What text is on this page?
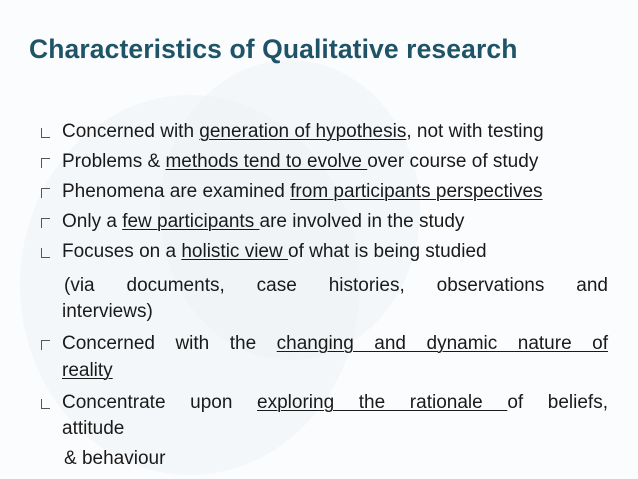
Characteristics of Qualitative research
Concerned with generation of hypothesis, not with testing
Problems & methods tend to evolve over course of study
Phenomena are examined from participants perspectives
Only a few participants are involved in the study
Focuses on a holistic view of what is being studied
(via documents, case histories, observations and
interviews)
Concerned with the changing and dynamic nature of
reality
Concentrate upon exploring the rationale of beliefs,
attitude
& behaviour
